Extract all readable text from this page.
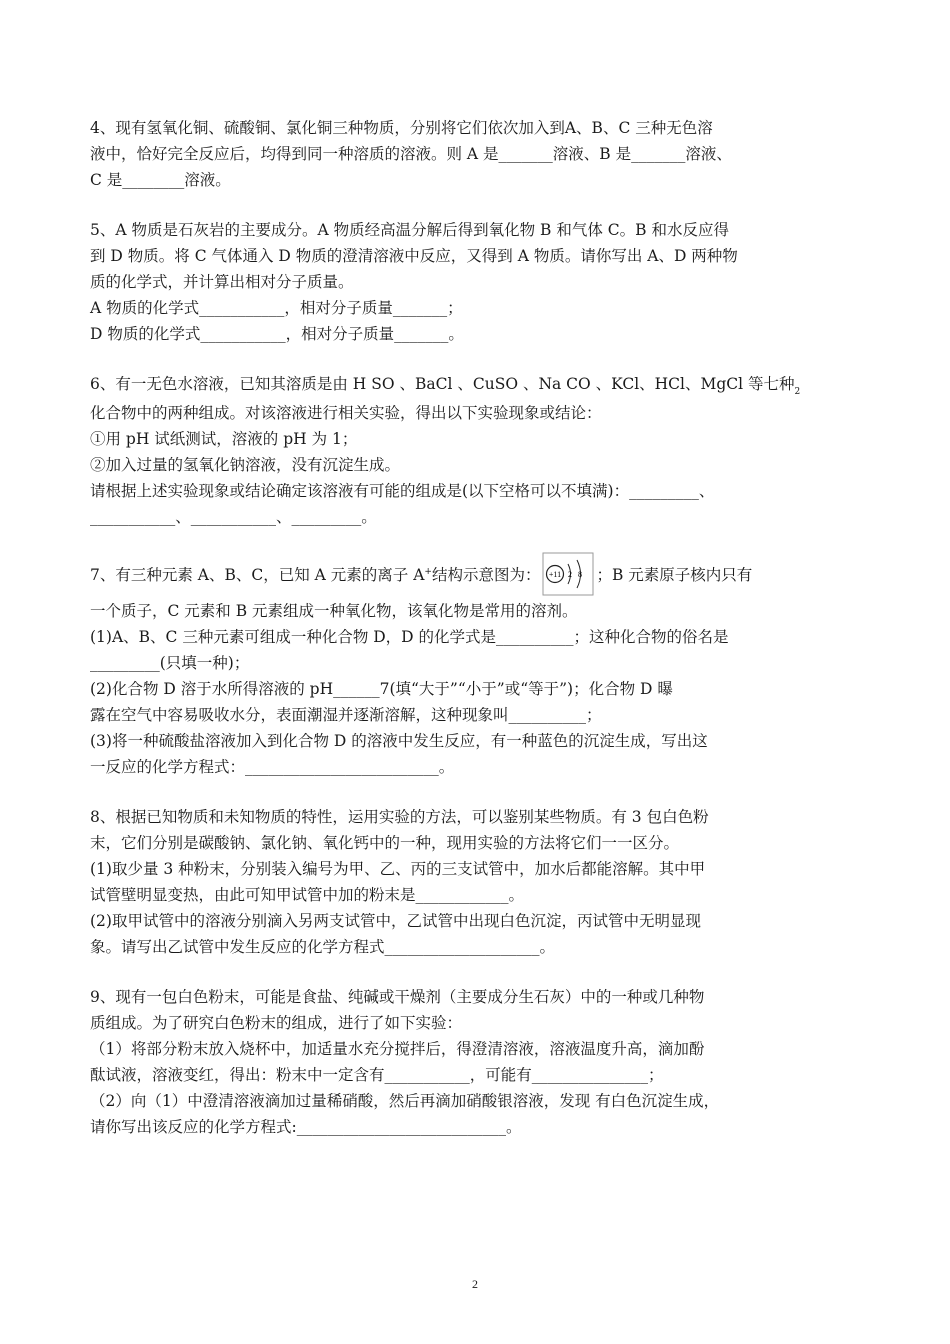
4、现有氢氧化铜、硫酸铜、氯化铜三种物质，分别将它们依次加入到A、B、C 三种无色溶
液中，恰好完全反应后，均得到同一种溶质的溶液。则 A 是_______溶液、B 是_______溶液、
C 是________溶液。
5、A 物质是石灰岩的主要成分。A 物质经高温分解后得到氧化物 B 和气体 C。B 和水反应得
到 D 物质。将 C 气体通入 D 物质的澄清溶液中反应，又得到 A 物质。请你写出 A、D 两种物
质的化学式，并计算出相对分子质量。
A 物质的化学式___________，相对分子质量_______；
D 物质的化学式___________，相对分子质量_______。
6、有一无色水溶液，已知其溶质是由 H SO 、BaCl 、CuSO 、Na CO 、KCl、HCl、MgCl 等七种$_2$
化合物中的两种组成。对该溶液进行相关实验，得出以下实验现象或结论：
①用 pH 试纸测试，溶液的 pH 为 1；
②加入过量的氢氧化钠溶液，没有沉淀生成。
请根据上述实验现象或结论确定该溶液有可能的组成是(以下空格可以不填满)：_________、
___________、___________、_________。
7、有三种元素 A、B、C，已知 A 元素的离子 A+结构示意图为： +11 2 8 ；B 元素原子核内只有
一个质子，C 元素和 B 元素组成一种氧化物，该氧化物是常用的溶剂。
(1)A、B、C 三种元素可组成一种化合物 D，D 的化学式是__________；这种化合物的俗名是
_________(只填一种)；
(2)化合物 D 溶于水所得溶液的 pH______7(填“大于”“小于”或“等于”)；化合物 D 曝
露在空气中容易吸收水分，表面潮湿并逐渐溶解，这种现象叫__________；
(3)将一种硫酸盐溶液加入到化合物 D 的溶液中发生反应，有一种蓝色的沉淀生成，写出这
一反应的化学方程式：_________________________。
8、根据已知物质和未知物质的特性，运用实验的方法，可以鉴别某些物质。有 3 包白色粉
末，它们分别是碳酸钠、氯化钠、氧化钙中的一种，现用实验的方法将它们一一区分。
(1)取少量 3 种粉末，分别装入编号为甲、乙、丙的三支试管中，加水后都能溶解。其中甲
试管壁明显变热，由此可知甲试管中加的粉末是____________。
(2)取甲试管中的溶液分别滴入另两支试管中，乙试管中出现白色沉淀，丙试管中无明显现
象。请写出乙试管中发生反应的化学方程式____________________。
9、现有一包白色粉末，可能是食盐、纯碱或干燥剂（主要成分生石灰）中的一种或几种物
质组成。为了研究白色粉末的组成，进行了如下实验：
（1）将部分粉末放入烧杯中，加适量水充分搅拌后，得澄清溶液，溶液温度升高，滴加酚
酞试液，溶液变红，得出：粉末中一定含有___________，可能有_______________；
（2）向（1）中澄清溶液滴加过量稀硝酸，然后再滴加硝酸银溶液，发现 有白色沉淀生成，
请你写出该反应的化学方程式:___________________________。
2
